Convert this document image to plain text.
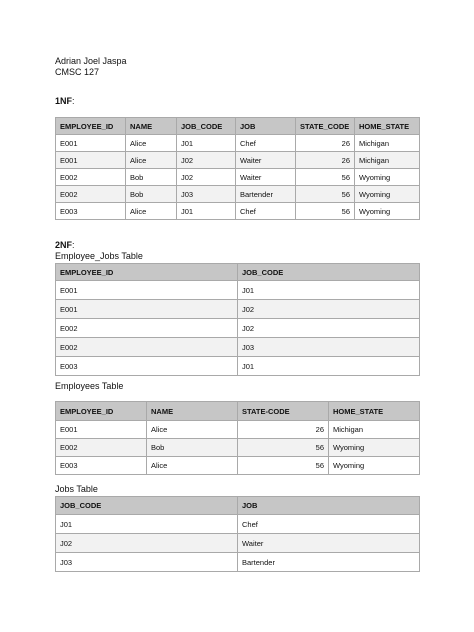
Adrian Joel Jaspa
CMSC 127
1NF:
EMPLOYEE_ID	NAME	JOB_CODE	JOB	STATE_CODE	HOME_STATE
E001	Alice	J01	Chef	26	Michigan
E001	Alice	J02	Waiter	26	Michigan
E002	Bob	J02	Waiter	56	Wyoming
E002	Bob	J03	Bartender	56	Wyoming
E003	Alice	J01	Chef	56	Wyoming
2NF:
Employee_Jobs Table
EMPLOYEE_ID	JOB_CODE
E001	J01
E001	J02
E002	J02
E002	J03
E003	J01
Employees Table
EMPLOYEE_ID	NAME	STATE-CODE	HOME_STATE
E001	Alice	26	Michigan
E002	Bob	56	Wyoming
E003	Alice	56	Wyoming
Jobs Table
JOB_CODE	JOB
J01	Chef
J02	Waiter
J03	Bartender
